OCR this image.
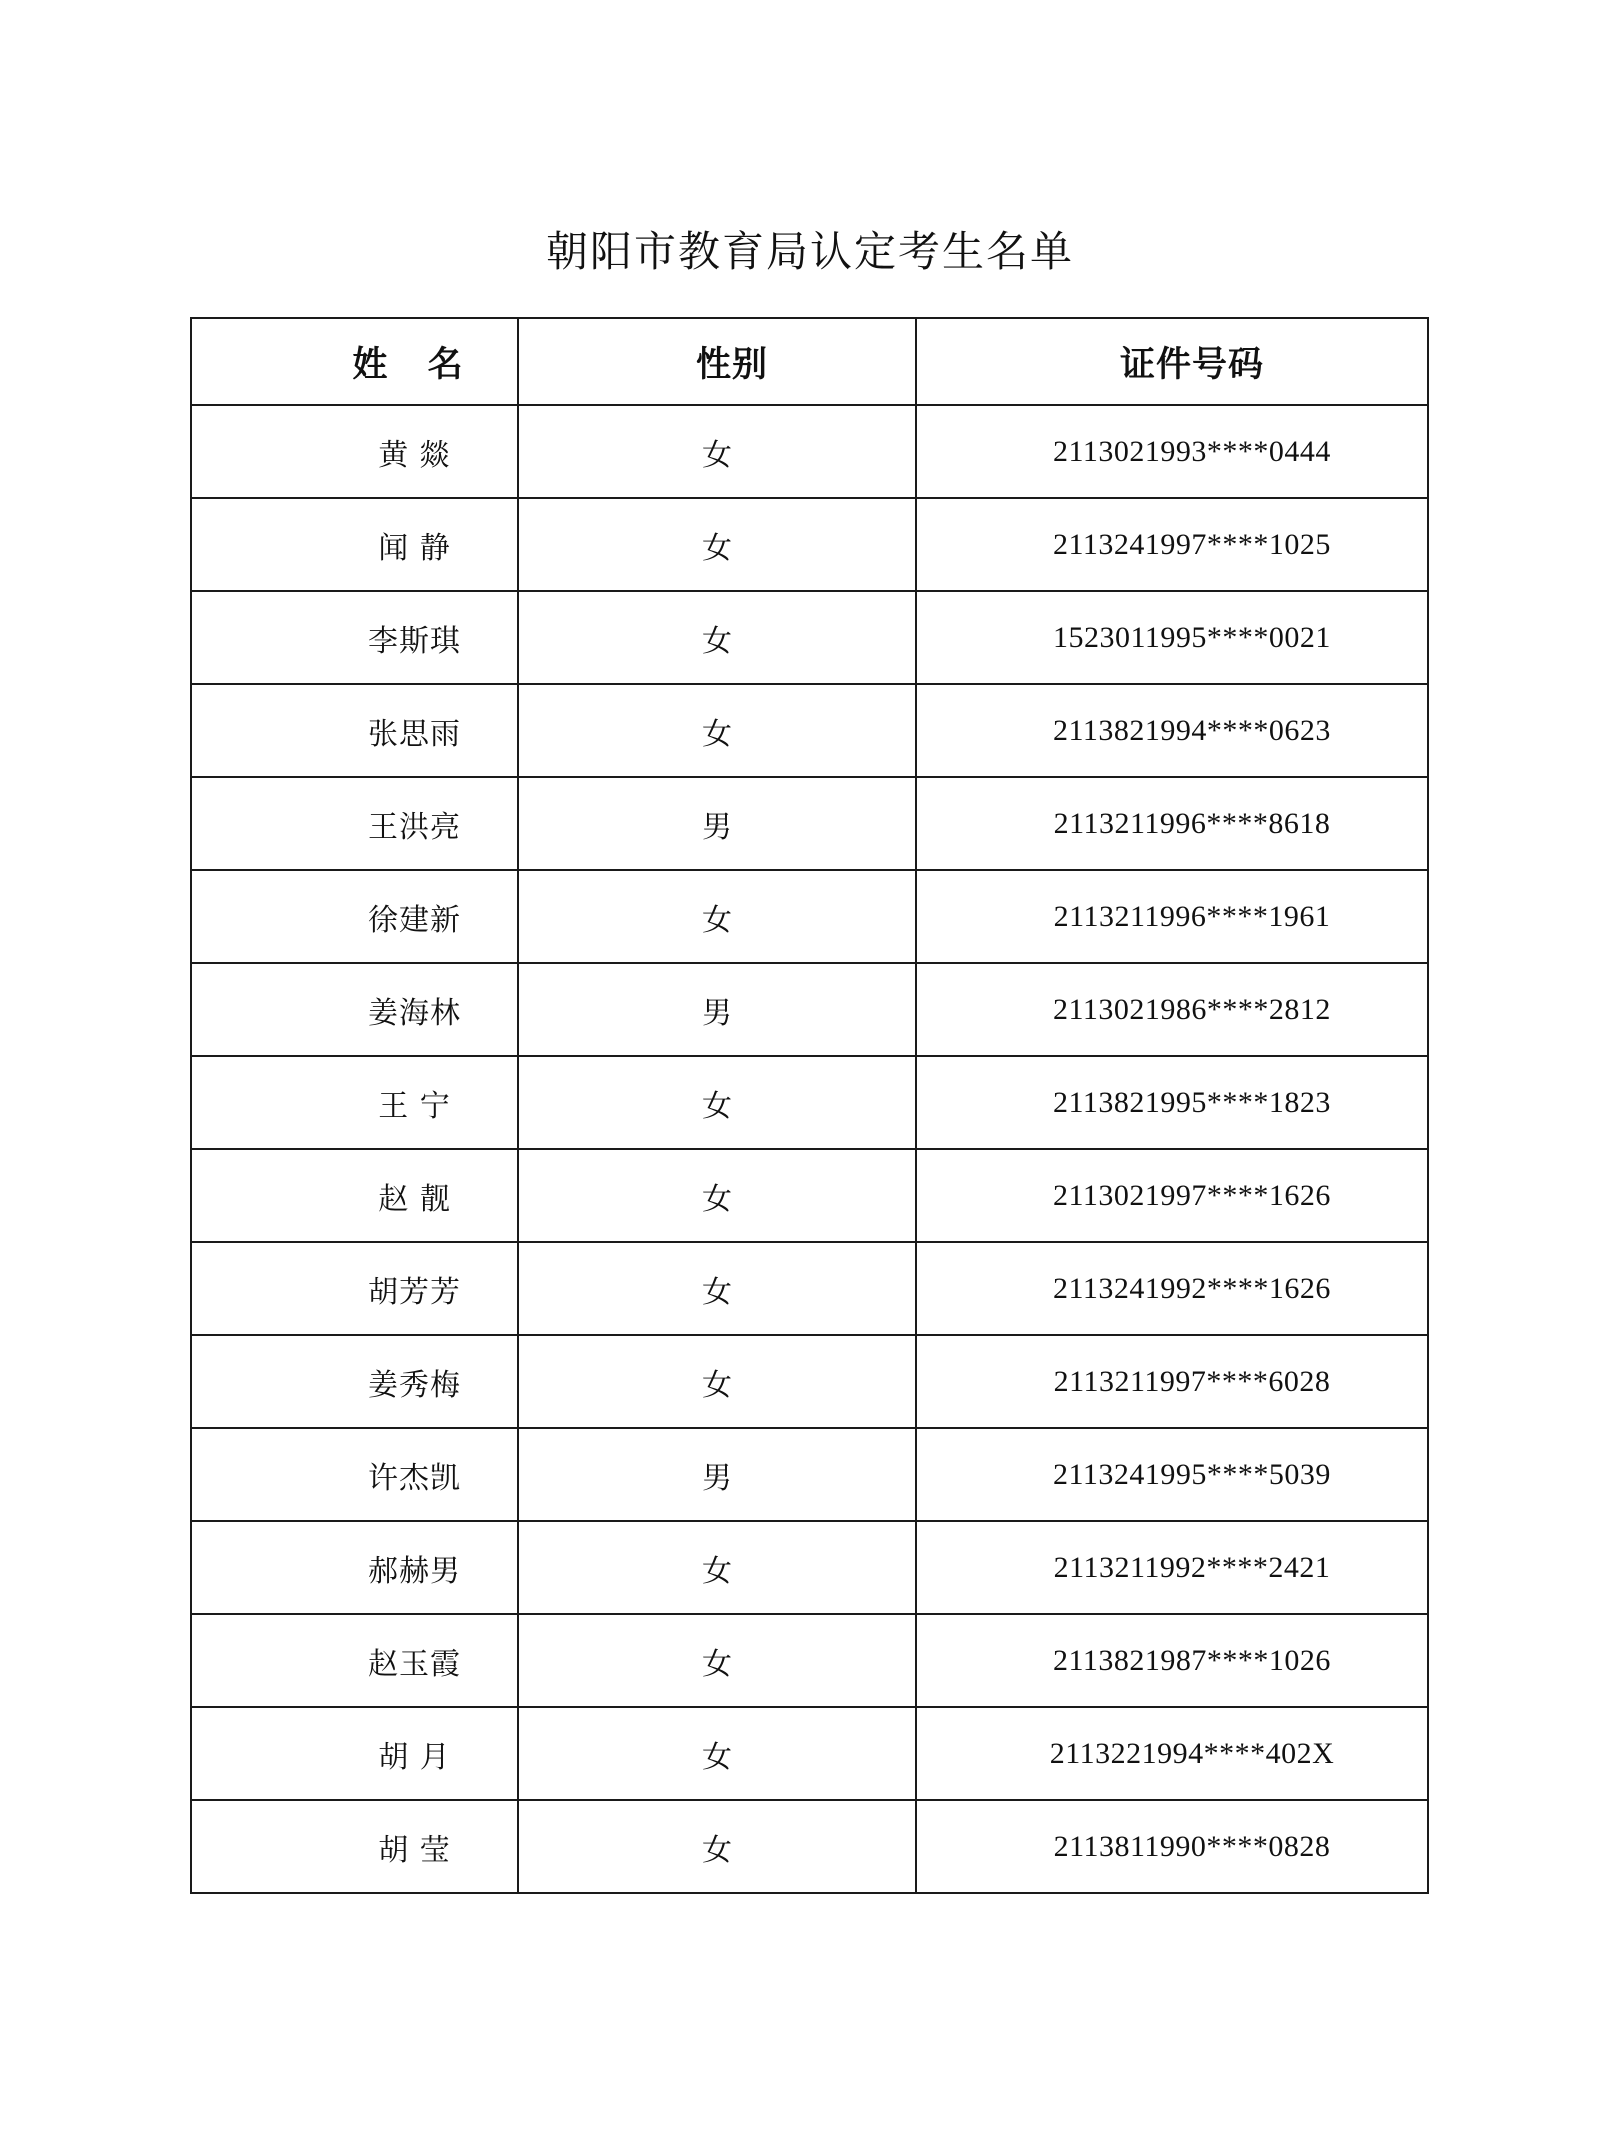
朝阳市教育局认定考生名单
姓 名	性别	证件号码
黄 燚	女	2113021993****0444
闻 静	女	2113241997****1025
李斯琪	女	1523011995****0021
张思雨	女	2113821994****0623
王洪亮	男	2113211996****8618
徐建新	女	2113211996****1961
姜海林	男	2113021986****2812
王 宁	女	2113821995****1823
赵 靓	女	2113021997****1626
胡芳芳	女	2113241992****1626
姜秀梅	女	2113211997****6028
许杰凯	男	2113241995****5039
郝赫男	女	2113211992****2421
赵玉霞	女	2113821987****1026
胡 月	女	2113221994****402X
胡 莹	女	2113811990****0828
